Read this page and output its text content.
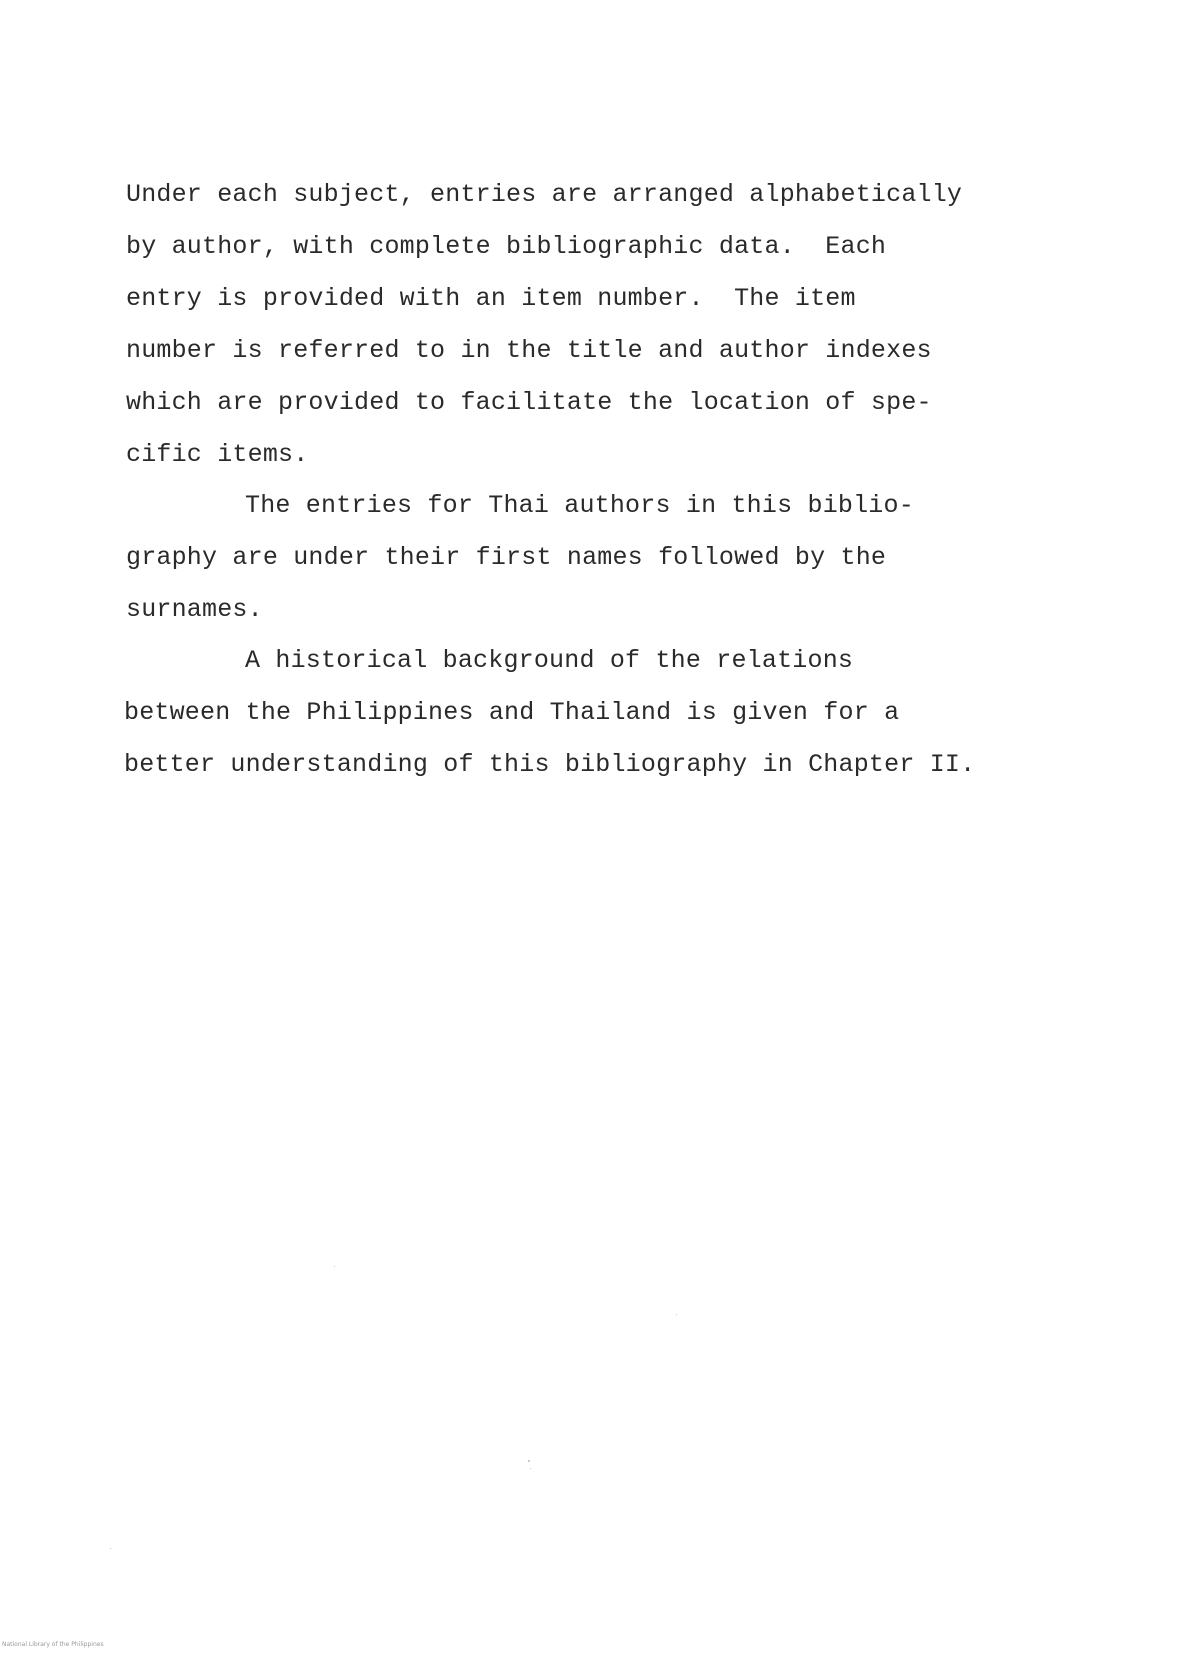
Under each subject, entries are arranged alphabetically
by author, with complete bibliographic data.  Each
entry is provided with an item number.  The item
number is referred to in the title and author indexes
which are provided to facilitate the location of spe-
cific items.
The entries for Thai authors in this biblio-
graphy are under their first names followed by the
surnames.
A historical background of the relations
between the Philippines and Thailand is given for a
better understanding of this bibliography in Chapter II.
National Library of the Philippines
